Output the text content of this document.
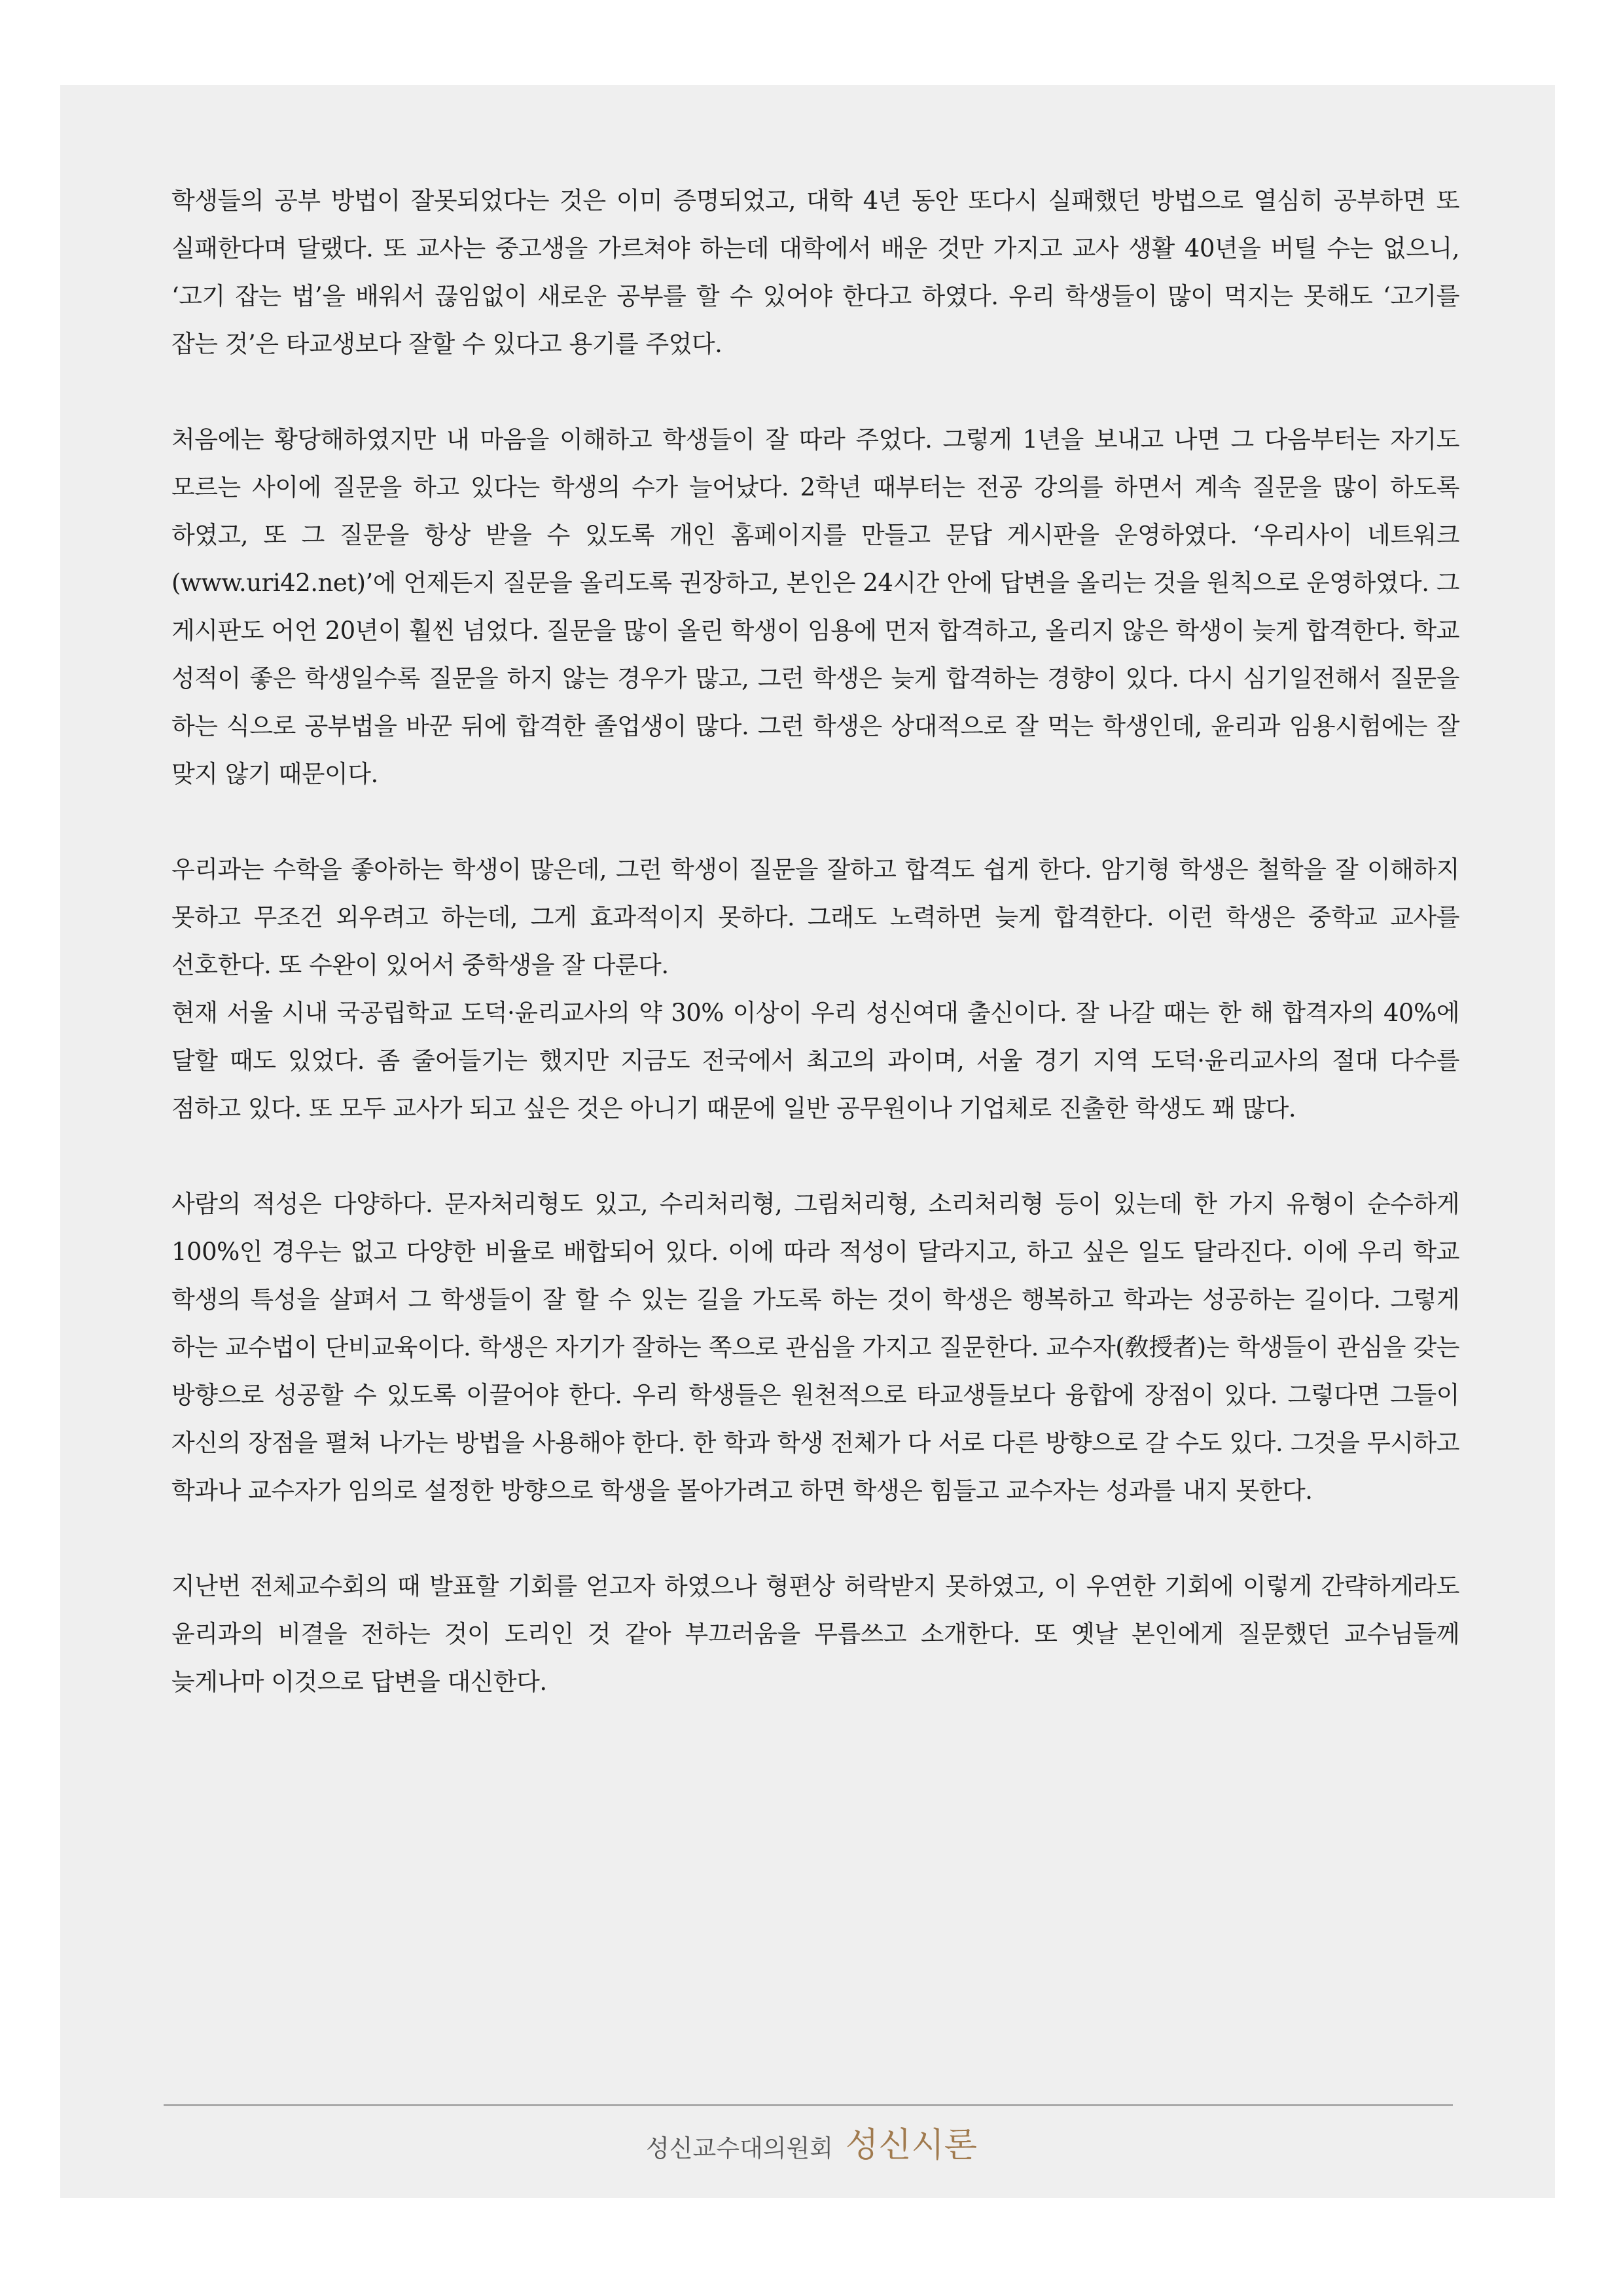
학생들의 공부 방법이 잘못되었다는 것은 이미 증명되었고, 대학 4년 동안 또다시 실패했던 방법으로 열심히 공부하면 또 실패한다며 달랬다. 또 교사는 중고생을 가르쳐야 하는데 대학에서 배운 것만 가지고 교사 생활 40년을 버틸 수는 없으니, ‘고기 잡는 법’을 배워서 끊임없이 새로운 공부를 할 수 있어야 한다고 하였다. 우리 학생들이 많이 먹지는 못해도 ‘고기를 잡는 것’은 타교생보다 잘할 수 있다고 용기를 주었다.

처음에는 황당해하였지만 내 마음을 이해하고 학생들이 잘 따라 주었다. 그렇게 1년을 보내고 나면 그 다음부터는 자기도 모르는 사이에 질문을 하고 있다는 학생의 수가 늘어났다. 2학년 때부터는 전공 강의를 하면서 계속 질문을 많이 하도록 하였고, 또 그 질문을 항상 받을 수 있도록 개인 홈페이지를 만들고 문답 게시판을 운영하였다. ‘우리사이 네트워크(www.uri42.net)’에 언제든지 질문을 올리도록 권장하고, 본인은 24시간 안에 답변을 올리는 것을 원칙으로 운영하였다. 그 게시판도 어언 20년이 훨씬 넘었다. 질문을 많이 올린 학생이 임용에 먼저 합격하고, 올리지 않은 학생이 늦게 합격한다. 학교 성적이 좋은 학생일수록 질문을 하지 않는 경우가 많고, 그런 학생은 늦게 합격하는 경향이 있다. 다시 심기일전해서 질문을 하는 식으로 공부법을 바꾼 뒤에 합격한 졸업생이 많다. 그런 학생은 상대적으로 잘 먹는 학생인데, 윤리과 임용시험에는 잘 맞지 않기 때문이다.

우리과는 수학을 좋아하는 학생이 많은데, 그런 학생이 질문을 잘하고 합격도 쉽게 한다. 암기형 학생은 철학을 잘 이해하지 못하고 무조건 외우려고 하는데, 그게 효과적이지 못하다. 그래도 노력하면 늦게 합격한다. 이런 학생은 중학교 교사를 선호한다. 또 수완이 있어서 중학생을 잘 다룬다.

현재 서울 시내 국공립학교 도덕·윤리교사의 약 30% 이상이 우리 성신여대 출신이다. 잘 나갈 때는 한 해 합격자의 40%에 달할 때도 있었다. 좀 줄어들기는 했지만 지금도 전국에서 최고의 과이며, 서울 경기 지역 도덕·윤리교사의 절대 다수를 점하고 있다. 또 모두 교사가 되고 싶은 것은 아니기 때문에 일반 공무원이나 기업체로 진출한 학생도 꽤 많다.

사람의 적성은 다양하다. 문자처리형도 있고, 수리처리형, 그림처리형, 소리처리형 등이 있는데 한 가지 유형이 순수하게 100%인 경우는 없고 다양한 비율로 배합되어 있다. 이에 따라 적성이 달라지고, 하고 싶은 일도 달라진다. 이에 우리 학교 학생의 특성을 살펴서 그 학생들이 잘 할 수 있는 길을 가도록 하는 것이 학생은 행복하고 학과는 성공하는 길이다. 그렇게 하는 교수법이 단비교육이다. 학생은 자기가 잘하는 쪽으로 관심을 가지고 질문한다. 교수자(敎授者)는 학생들이 관심을 갖는 방향으로 성공할 수 있도록 이끌어야 한다. 우리 학생들은 원천적으로 타교생들보다 융합에 장점이 있다. 그렇다면 그들이 자신의 장점을 펼쳐 나가는 방법을 사용해야 한다. 한 학과 학생 전체가 다 서로 다른 방향으로 갈 수도 있다. 그것을 무시하고 학과나 교수자가 임의로 설정한 방향으로 학생을 몰아가려고 하면 학생은 힘들고 교수자는 성과를 내지 못한다.

지난번 전체교수회의 때 발표할 기회를 얻고자 하였으나 형편상 허락받지 못하였고, 이 우연한 기회에 이렇게 간략하게라도 윤리과의 비결을 전하는 것이 도리인 것 같아 부끄러움을 무릅쓰고 소개한다. 또 옛날 본인에게 질문했던 교수님들께 늦게나마 이것으로 답변을 대신한다.

성신교수대의원회 성신시론
